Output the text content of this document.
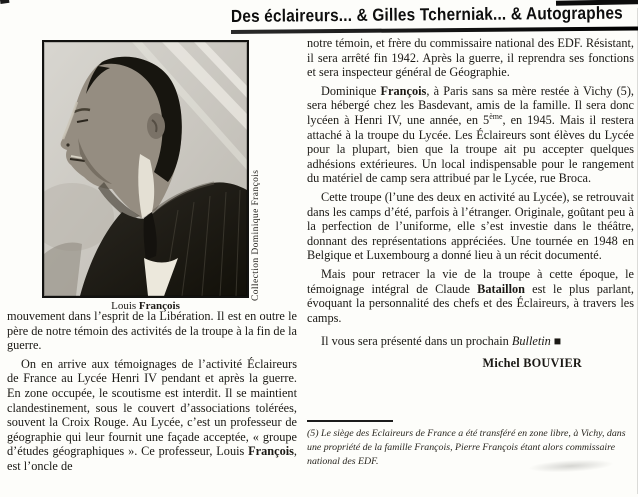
Des éclaireurs... & Gilles Tcherniak... & Autographes
Collection Dominique François
Louis François

mouvement dans l’esprit de la Libération. Il est en outre le père de notre témoin des activités de la troupe à la fin de la guerre.

On en arrive aux témoignages de l’activité Éclaireurs de France au Lycée Henri IV pendant et après la guerre. En zone occupée, le scoutisme est interdit. Il se maintient clandestinement, sous le couvert d’associations tolérées, souvent la Croix Rouge. Au Lycée, c’est un professeur de géographie qui leur fournit une façade acceptée, « groupe d’études géographiques ». Ce professeur, Louis François, est l’oncle de

notre témoin, et frère du commissaire national des EDF. Résistant, il sera arrêté fin 1942. Après la guerre, il reprendra ses fonctions et sera inspecteur général de Géographie.

Dominique François, à Paris sans sa mère restée à Vichy (5), sera hébergé chez les Basdevant, amis de la famille. Il sera donc lycéen à Henri IV, une année, en 5ème, en 1945. Mais il restera attaché à la troupe du Lycée. Les Éclaireurs sont élèves du Lycée pour la plupart, bien que la troupe ait pu accepter quelques adhésions extérieures. Un local indispensable pour le rangement du matériel de camp sera attribué par le Lycée, rue Broca.

Cette troupe (l’une des deux en activité au Lycée), se retrouvait dans les camps d’été, parfois à l’étranger. Originale, goûtant peu à la perfection de l’uniforme, elle s’est investie dans le théâtre, donnant des représentations appréciées. Une tournée en 1948 en Belgique et Luxembourg a donné lieu à un récit documenté.

Mais pour retracer la vie de la troupe à cette époque, le témoignage intégral de Claude Bataillon est le plus parlant, évoquant la personnalité des chefs et des Éclaireurs, à travers les camps.

Il vous sera présenté dans un prochain Bulletin ■

Michel BOUVIER

(5) Le siège des Eclaireurs de France a été transféré en zone libre, à Vichy, dans une propriété de la famille François, Pierre François étant alors commissaire national des EDF.
